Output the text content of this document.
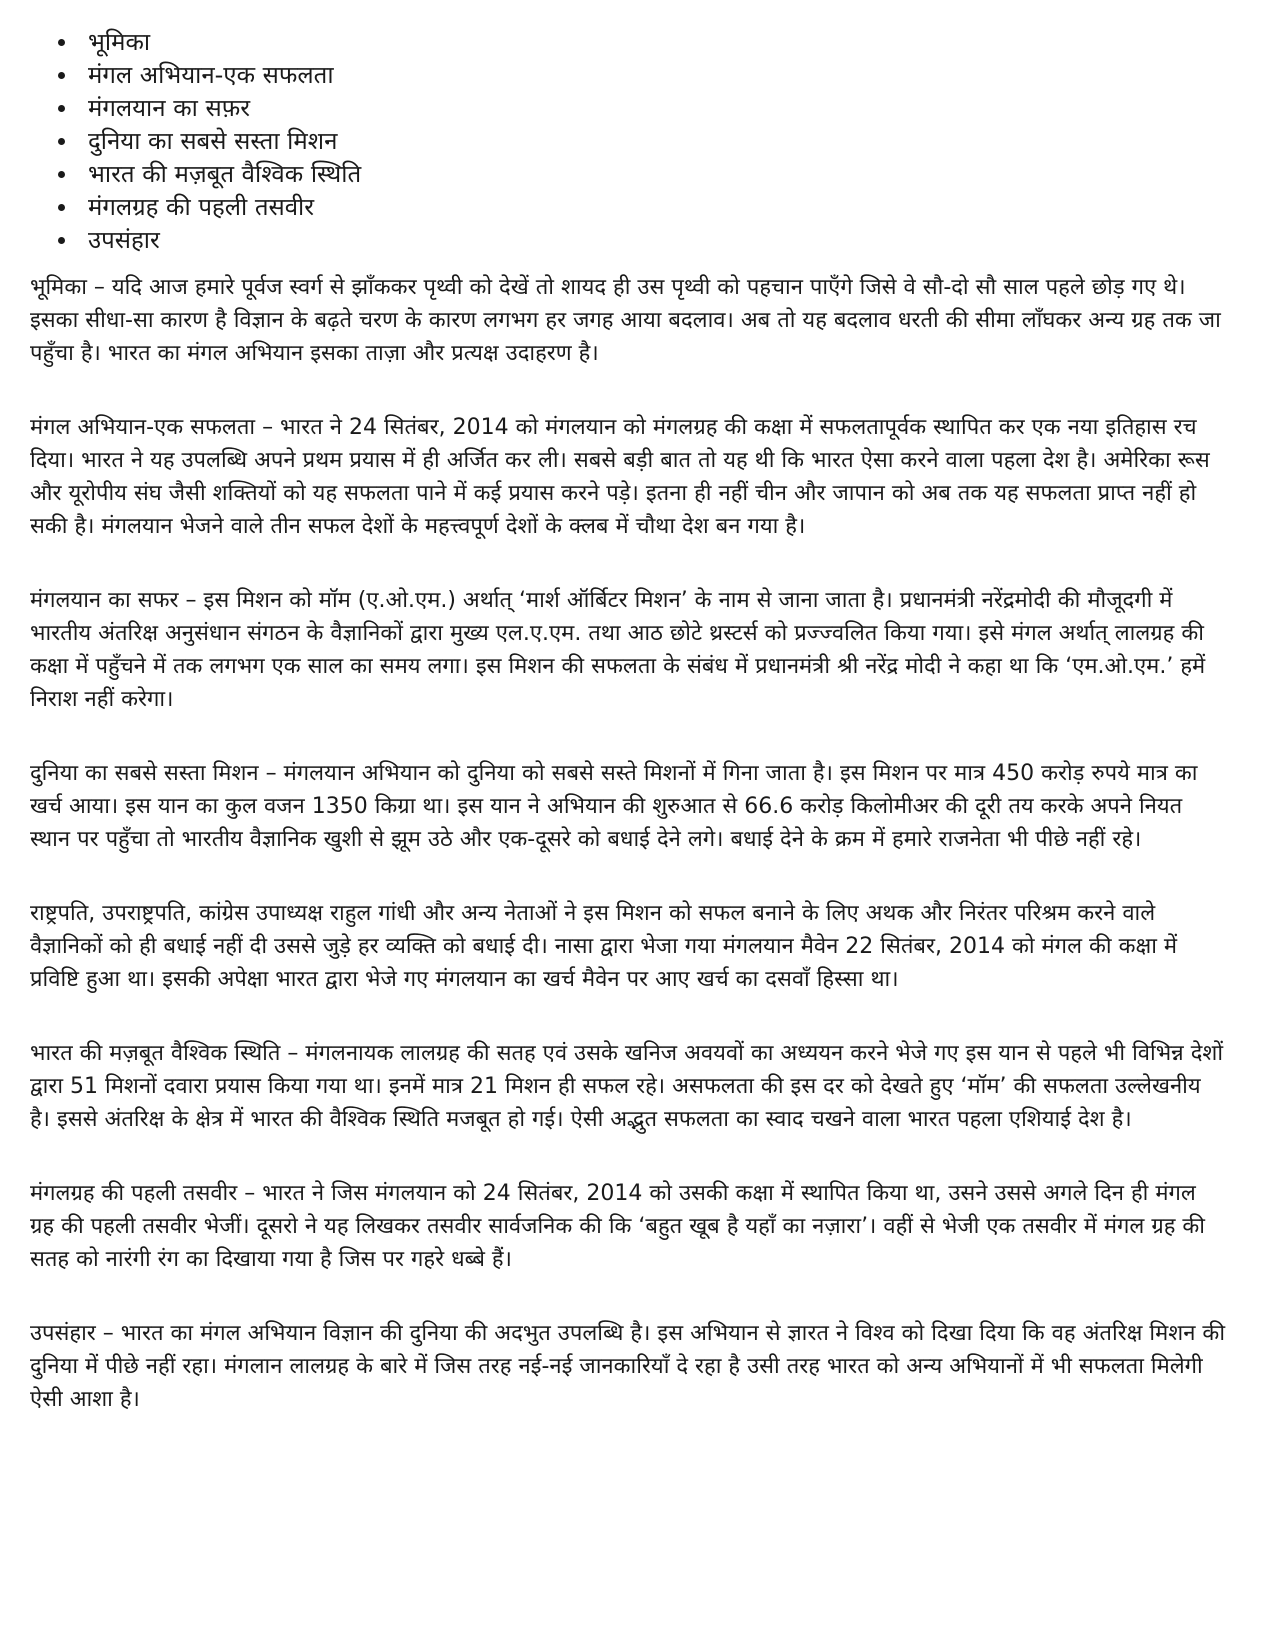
भूमिका
मंगल अभियान-एक सफलता
मंगलयान का सफ़र
दुनिया का सबसे सस्ता मिशन
भारत की मज़बूत वैश्विक स्थिति
मंगलग्रह की पहली तसवीर
उपसंहार

भूमिका – यदि आज हमारे पूर्वज स्वर्ग से झाँककर पृथ्वी को देखें तो शायद ही उस पृथ्वी को पहचान पाएँगे जिसे वे सौ-दो सौ साल पहले छोड़ गए थे। इसका सीधा-सा कारण है विज्ञान के बढ़ते चरण के कारण लगभग हर जगह आया बदलाव। अब तो यह बदलाव धरती की सीमा लाँघकर अन्य ग्रह तक जा पहुँचा है। भारत का मंगल अभियान इसका ताज़ा और प्रत्यक्ष उदाहरण है।

मंगल अभियान-एक सफलता – भारत ने 24 सितंबर, 2014 को मंगलयान को मंगलग्रह की कक्षा में सफलतापूर्वक स्थापित कर एक नया इतिहास रच दिया। भारत ने यह उपलब्धि अपने प्रथम प्रयास में ही अर्जित कर ली। सबसे बड़ी बात तो यह थी कि भारत ऐसा करने वाला पहला देश है। अमेरिका रूस और यूरोपीय संघ जैसी शक्तियों को यह सफलता पाने में कई प्रयास करने पड़े। इतना ही नहीं चीन और जापान को अब तक यह सफलता प्राप्त नहीं हो सकी है। मंगलयान भेजने वाले तीन सफल देशों के महत्त्वपूर्ण देशों के क्लब में चौथा देश बन गया है।

मंगलयान का सफर – इस मिशन को मॉम (ए.ओ.एम.) अर्थात् ‘मार्श ऑर्बिटर मिशन’ के नाम से जाना जाता है। प्रधानमंत्री नरेंद्रमोदी की मौजूदगी में भारतीय अंतरिक्ष अनुसंधान संगठन के वैज्ञानिकों द्वारा मुख्य एल.ए.एम. तथा आठ छोटे थ्रस्टर्स को प्रज्ज्वलित किया गया। इसे मंगल अर्थात् लालग्रह की कक्षा में पहुँचने में तक लगभग एक साल का समय लगा। इस मिशन की सफलता के संबंध में प्रधानमंत्री श्री नरेंद्र मोदी ने कहा था कि ‘एम.ओ.एम.’ हमें निराश नहीं करेगा।

दुनिया का सबसे सस्ता मिशन – मंगलयान अभियान को दुनिया को सबसे सस्ते मिशनों में गिना जाता है। इस मिशन पर मात्र 450 करोड़ रुपये मात्र का खर्च आया। इस यान का कुल वजन 1350 किग्रा था। इस यान ने अभियान की शुरुआत से 66.6 करोड़ किलोमीअर की दूरी तय करके अपने नियत स्थान पर पहुँचा तो भारतीय वैज्ञानिक खुशी से झूम उठे और एक-दूसरे को बधाई देने लगे। बधाई देने के क्रम में हमारे राजनेता भी पीछे नहीं रहे।

राष्ट्रपति, उपराष्ट्रपति, कांग्रेस उपाध्यक्ष राहुल गांधी और अन्य नेताओं ने इस मिशन को सफल बनाने के लिए अथक और निरंतर परिश्रम करने वाले वैज्ञानिकों को ही बधाई नहीं दी उससे जुड़े हर व्यक्ति को बधाई दी। नासा द्वारा भेजा गया मंगलयान मैवेन 22 सितंबर, 2014 को मंगल की कक्षा में प्रविष्टि हुआ था। इसकी अपेक्षा भारत द्वारा भेजे गए मंगलयान का खर्च मैवेन पर आए खर्च का दसवाँ हिस्सा था।

भारत की मज़बूत वैश्विक स्थिति – मंगलनायक लालग्रह की सतह एवं उसके खनिज अवयवों का अध्ययन करने भेजे गए इस यान से पहले भी विभिन्न देशों द्वारा 51 मिशनों दवारा प्रयास किया गया था। इनमें मात्र 21 मिशन ही सफल रहे। असफलता की इस दर को देखते हुए ‘मॉम’ की सफलता उल्लेखनीय है। इससे अंतरिक्ष के क्षेत्र में भारत की वैश्विक स्थिति मजबूत हो गई। ऐसी अद्भुत सफलता का स्वाद चखने वाला भारत पहला एशियाई देश है।

मंगलग्रह की पहली तसवीर – भारत ने जिस मंगलयान को 24 सितंबर, 2014 को उसकी कक्षा में स्थापित किया था, उसने उससे अगले दिन ही मंगल ग्रह की पहली तसवीर भेजीं। दूसरो ने यह लिखकर तसवीर सार्वजनिक की कि ‘बहुत खूब है यहाँ का नज़ारा’। वहीं से भेजी एक तसवीर में मंगल ग्रह की सतह को नारंगी रंग का दिखाया गया है जिस पर गहरे धब्बे हैं।

उपसंहार – भारत का मंगल अभियान विज्ञान की दुनिया की अदभुत उपलब्धि है। इस अभियान से ज्ञारत ने विश्व को दिखा दिया कि वह अंतरिक्ष मिशन की दुनिया में पीछे नहीं रहा। मंगलान लालग्रह के बारे में जिस तरह नई-नई जानकारियाँ दे रहा है उसी तरह भारत को अन्य अभियानों में भी सफलता मिलेगी ऐसी आशा है।
